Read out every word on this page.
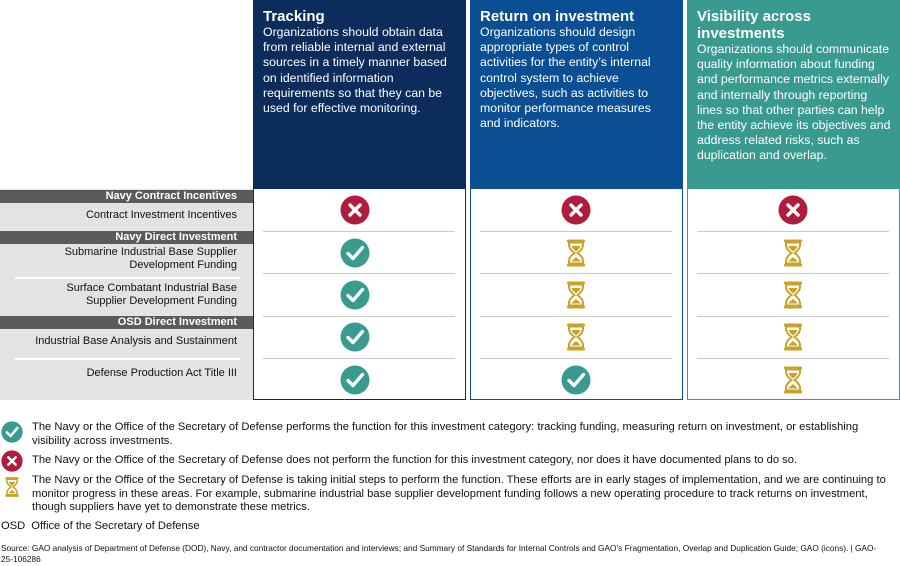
Tracking
Organizations should obtain data from reliable internal and external sources in a timely manner based on identified information requirements so that they can be used for effective monitoring.
Return on investment
Organizations should design appropriate types of control activities for the entity’s internal control system to achieve objectives, such as activities to monitor performance measures and indicators.
Visibility across investments
Organizations should communicate quality information about funding and performance metrics externally and internally through reporting lines so that other parties can help the entity achieve its objectives and address related risks, such as duplication and overlap.
Navy Contract Incentives
Contract Investment Incentives
Navy Direct Investment
Submarine Industrial Base Supplier Development Funding
Surface Combatant Industrial Base Supplier Development Funding
OSD Direct Investment
Industrial Base Analysis and Sustainment
Defense Production Act Title III
The Navy or the Office of the Secretary of Defense performs the function for this investment category: tracking funding, measuring return on investment, or establishing visibility across investments.
The Navy or the Office of the Secretary of Defense does not perform the function for this investment category, nor does it have documented plans to do so.
The Navy or the Office of the Secretary of Defense is taking initial steps to perform the function. These efforts are in early stages of implementation, and we are continuing to monitor progress in these areas. For example, submarine industrial base supplier development funding follows a new operating procedure to track returns on investment, though suppliers have yet to demonstrate these metrics.
OSD Office of the Secretary of Defense
Source: GAO analysis of Department of Defense (DOD), Navy, and contractor documentation and interviews; and Summary of Standards for Internal Controls and GAO’s Fragmentation, Overlap and Duplication Guide; GAO (icons). | GAO-25-106286
